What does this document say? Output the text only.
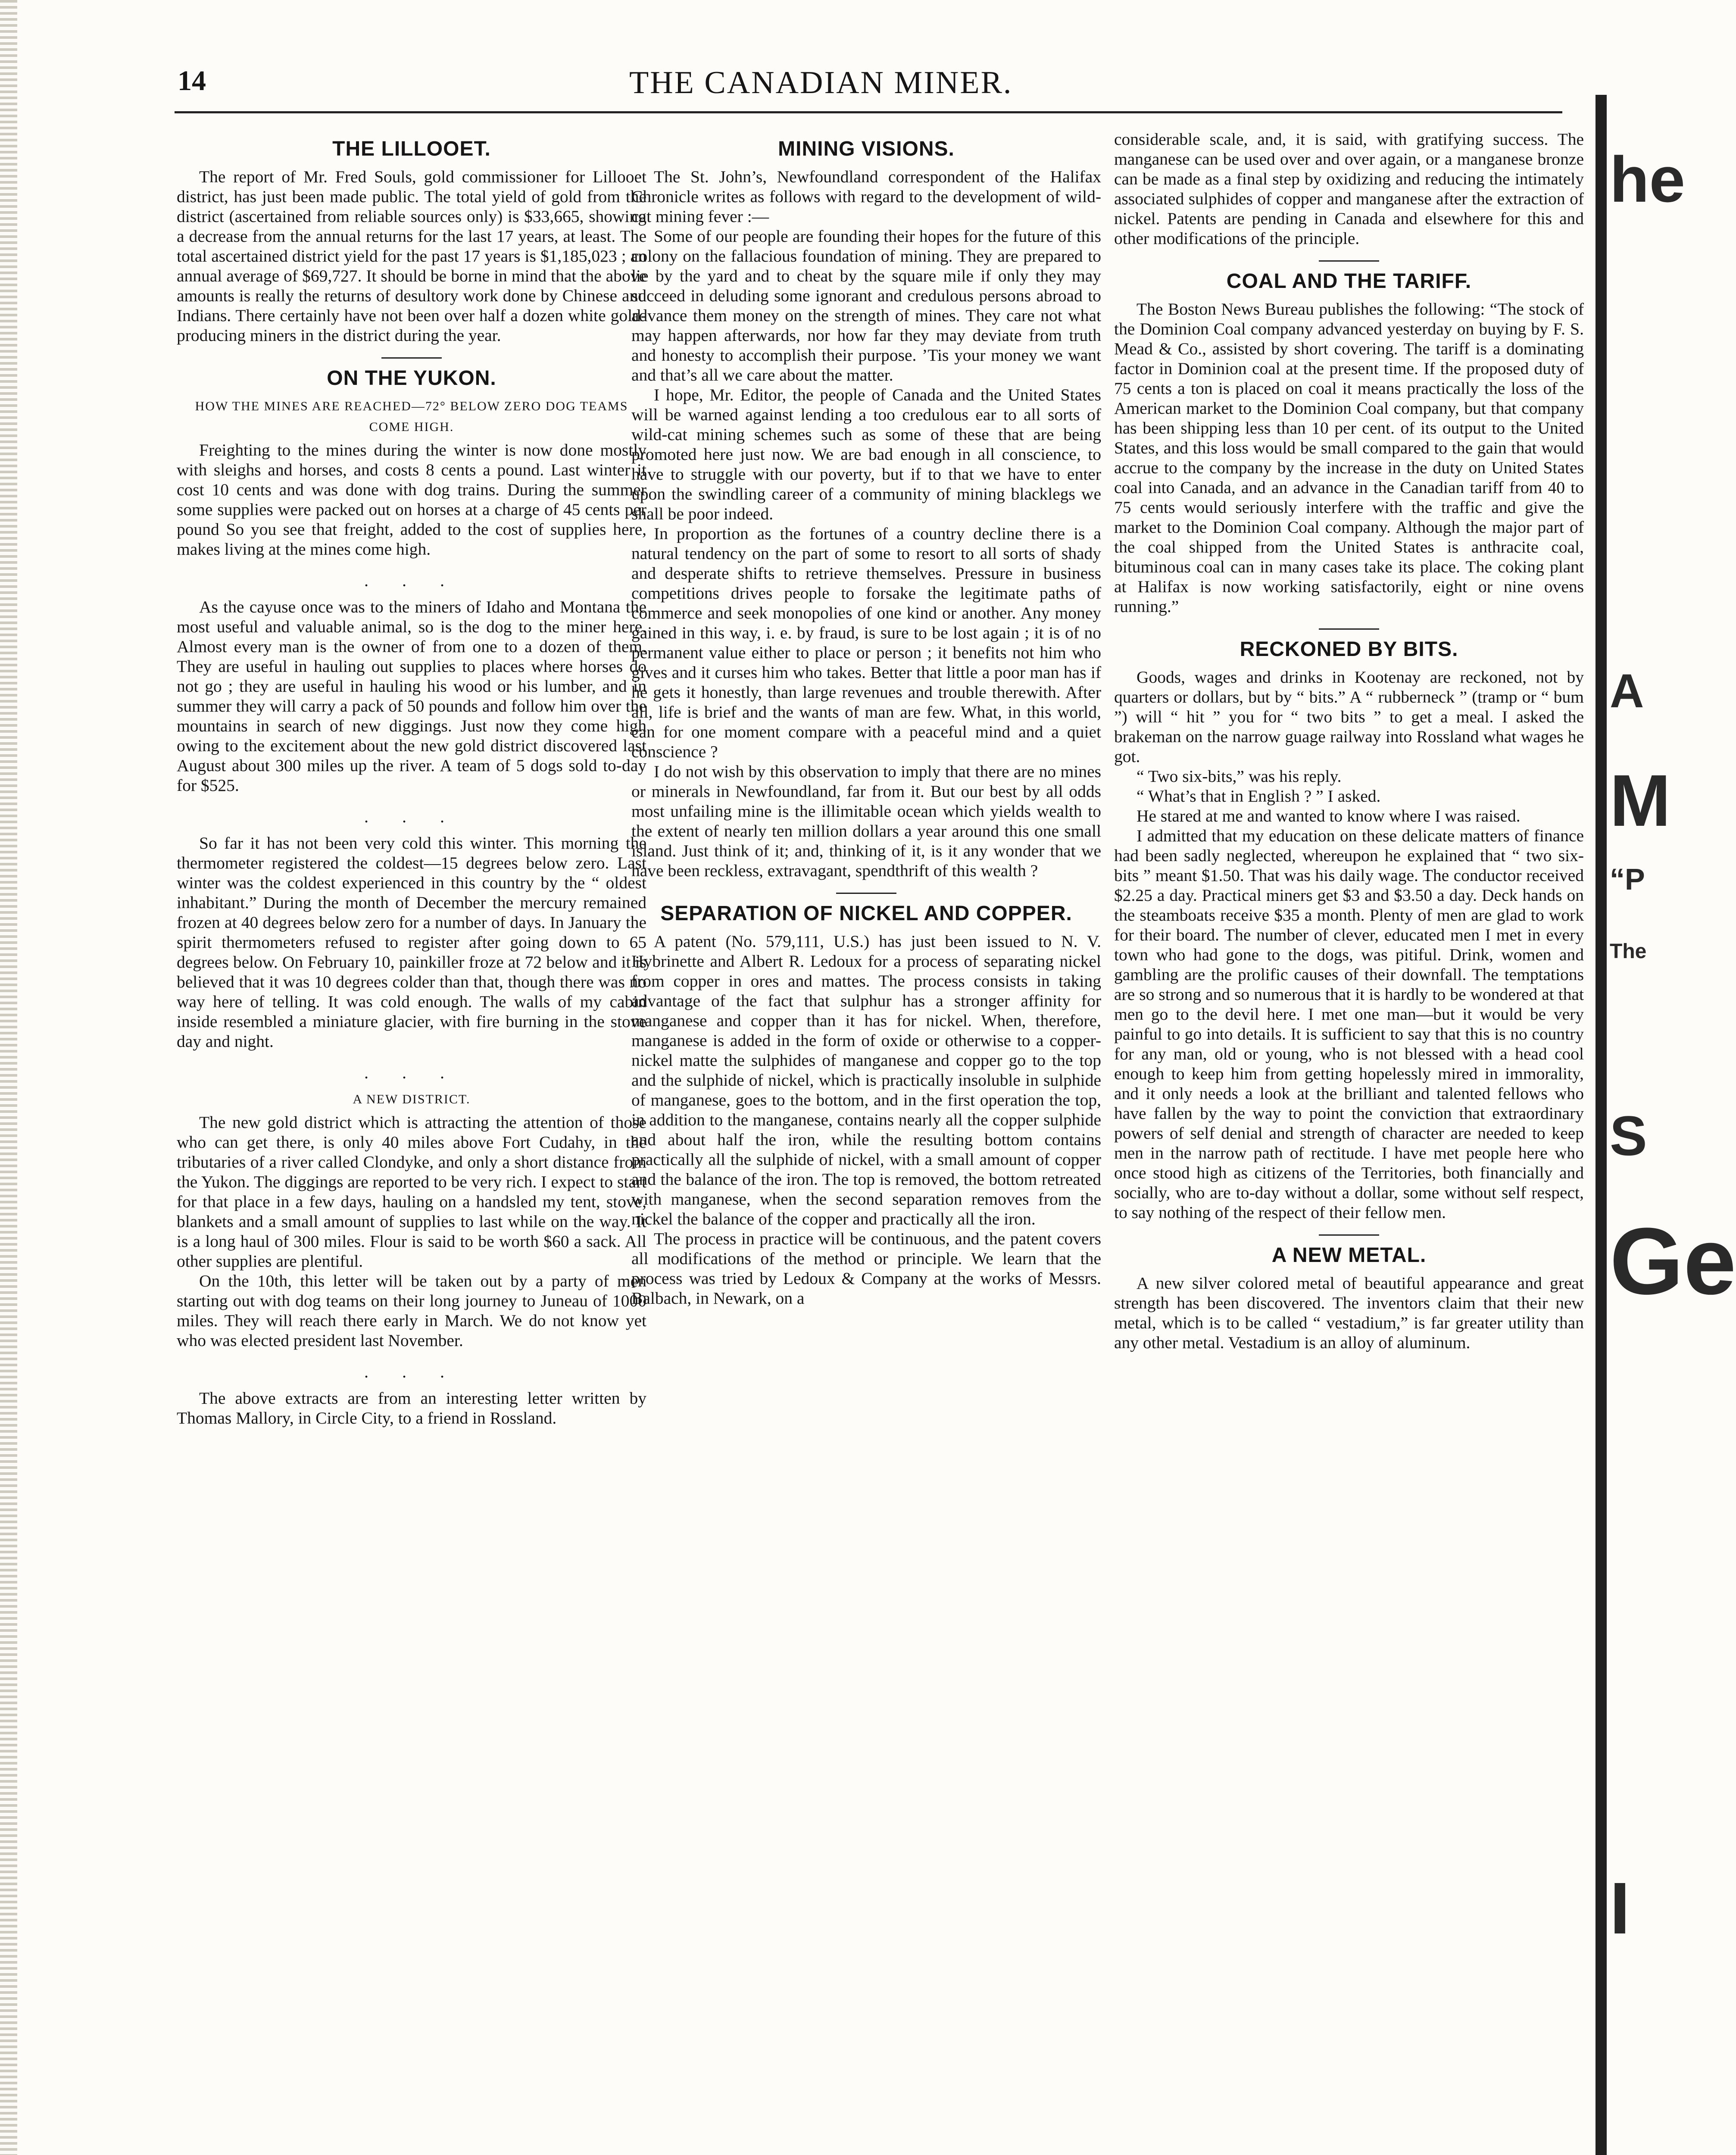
14	THE CANADIAN MINER.
THE LILLOOET.

The report of Mr. Fred Souls, gold commissioner for Lillooet district, has just been made public. The total yield of gold from the district (ascertained from reliable sources only) is $33,665, showing a decrease from the annual returns for the last 17 years, at least. The total ascertained district yield for the past 17 years is $1,185,023 ; an annual average of $69,727. It should be borne in mind that the above amounts is really the returns of desultory work done by Chinese and Indians. There certainly have not been over half a dozen white gold-producing miners in the district during the year.

ON THE YUKON.
HOW THE MINES ARE REACHED—72° BELOW ZERO DOG TEAMS COME HIGH.

Freighting to the mines during the winter is now done mostly with sleighs and horses, and costs 8 cents a pound. Last winter it cost 10 cents and was done with dog trains. During the summer some supplies were packed out on horses at a charge of 45 cents per pound So you see that freight, added to the cost of supplies here, makes living at the mines come high.

. . .

As the cayuse once was to the miners of Idaho and Montana the most useful and valuable animal, so is the dog to the miner here. Almost every man is the owner of from one to a dozen of them. They are useful in hauling out supplies to places where horses do not go ; they are useful in hauling his wood or his lumber, and in summer they will carry a pack of 50 pounds and follow him over the mountains in search of new diggings. Just now they come high owing to the excitement about the new gold district discovered last August about 300 miles up the river. A team of 5 dogs sold to-day for $525.

. . .

So far it has not been very cold this winter. This morning the thermometer registered the coldest—15 degrees below zero. Last winter was the coldest experienced in this country by the “ oldest inhabitant.” During the month of December the mercury remained frozen at 40 degrees below zero for a number of days. In January the spirit thermometers refused to register after going down to 65 degrees below. On February 10, painkiller froze at 72 below and it is believed that it was 10 degrees colder than that, though there was no way here of telling. It was cold enough. The walls of my cabin inside resembled a miniature glacier, with fire burning in the stove day and night.

. . .
A NEW DISTRICT.

The new gold district which is attracting the attention of those who can get there, is only 40 miles above Fort Cudahy, in the tributaries of a river called Clondyke, and only a short distance from the Yukon. The diggings are reported to be very rich. I expect to start for that place in a few days, hauling on a handsled my tent, stove, blankets and a small amount of supplies to last while on the way. It is a long haul of 300 miles. Flour is said to be worth $60 a sack. All other supplies are plentiful.

On the 10th, this letter will be taken out by a party of men starting out with dog teams on their long journey to Juneau of 1000 miles. They will reach there early in March. We do not know yet who was elected president last November.

. . .

The above extracts are from an interesting letter written by Thomas Mallory, in Circle City, to a friend in Rossland.

MINING VISIONS.

The St. John’s, Newfoundland correspondent of the Halifax Chronicle writes as follows with regard to the development of wild-cat mining fever :—

Some of our people are founding their hopes for the future of this colony on the fallacious foundation of mining. They are prepared to lie by the yard and to cheat by the square mile if only they may succeed in deluding some ignorant and credulous persons abroad to advance them money on the strength of mines. They care not what may happen afterwards, nor how far they may deviate from truth and honesty to accomplish their purpose. ’Tis your money we want and that’s all we care about the matter.

I hope, Mr. Editor, the people of Canada and the United States will be warned against lending a too credulous ear to all sorts of wild-cat mining schemes such as some of these that are being promoted here just now. We are bad enough in all conscience, to have to struggle with our poverty, but if to that we have to enter upon the swindling career of a community of mining blacklegs we shall be poor indeed.

In proportion as the fortunes of a country decline there is a natural tendency on the part of some to resort to all sorts of shady and desperate shifts to retrieve themselves. Pressure in business competitions drives people to forsake the legitimate paths of commerce and seek monopolies of one kind or another. Any money gained in this way, i. e. by fraud, is sure to be lost again ; it is of no permanent value either to place or person ; it benefits not him who gives and it curses him who takes. Better that little a poor man has if he gets it honestly, than large revenues and trouble therewith. After all, life is brief and the wants of man are few. What, in this world, can for one moment compare with a peaceful mind and a quiet conscience ?

I do not wish by this observation to imply that there are no mines or minerals in Newfoundland, far from it. But our best by all odds most unfailing mine is the illimitable ocean which yields wealth to the extent of nearly ten million dollars a year around this one small island. Just think of it; and, thinking of it, is it any wonder that we have been reckless, extravagant, spendthrift of this wealth ?

SEPARATION OF NICKEL AND COPPER.

A patent (No. 579,111, U.S.) has just been issued to N. V. Hybrinette and Albert R. Ledoux for a process of separating nickel from copper in ores and mattes. The process consists in taking advantage of the fact that sulphur has a stronger affinity for manganese and copper than it has for nickel. When, therefore, manganese is added in the form of oxide or otherwise to a copper-nickel matte the sulphides of manganese and copper go to the top and the sulphide of nickel, which is practically insoluble in sulphide of manganese, goes to the bottom, and in the first operation the top, in addition to the manganese, contains nearly all the copper sulphide and about half the iron, while the resulting bottom contains practically all the sulphide of nickel, with a small amount of copper and the balance of the iron. The top is removed, the bottom retreated with manganese, when the second separation removes from the nickel the balance of the copper and practically all the iron.

The process in practice will be continuous, and the patent covers all modifications of the method or principle. We learn that the process was tried by Ledoux & Company at the works of Messrs. Balbach, in Newark, on a

considerable scale, and, it is said, with gratifying success. The manganese can be used over and over again, or a manganese bronze can be made as a final step by oxidizing and reducing the intimately associated sulphides of copper and manganese after the extraction of nickel. Patents are pending in Canada and elsewhere for this and other modifications of the principle.

COAL AND THE TARIFF.

The Boston News Bureau publishes the following: “The stock of the Dominion Coal company advanced yesterday on buying by F. S. Mead & Co., assisted by short covering. The tariff is a dominating factor in Dominion coal at the present time. If the proposed duty of 75 cents a ton is placed on coal it means practically the loss of the American market to the Dominion Coal company, but that company has been shipping less than 10 per cent. of its output to the United States, and this loss would be small compared to the gain that would accrue to the company by the increase in the duty on United States coal into Canada, and an advance in the Canadian tariff from 40 to 75 cents would seriously interfere with the traffic and give the market to the Dominion Coal company. Although the major part of the coal shipped from the United States is anthracite coal, bituminous coal can in many cases take its place. The coking plant at Halifax is now working satisfactorily, eight or nine ovens running.”

RECKONED BY BITS.

Goods, wages and drinks in Kootenay are reckoned, not by quarters or dollars, but by “ bits.” A “ rubberneck ” (tramp or “ bum ”) will “ hit ” you for “ two bits ” to get a meal. I asked the brakeman on the narrow guage railway into Rossland what wages he got.

“ Two six-bits,” was his reply.

“ What’s that in English ? ” I asked.

He stared at me and wanted to know where I was raised.

I admitted that my education on these delicate matters of finance had been sadly neglected, whereupon he explained that “ two six-bits ” meant $1.50. That was his daily wage. The conductor received $2.25 a day. Practical miners get $3 and $3.50 a day. Deck hands on the steamboats receive $35 a month. Plenty of men are glad to work for their board. The number of clever, educated men I met in every town who had gone to the dogs, was pitiful. Drink, women and gambling are the prolific causes of their downfall. The temptations are so strong and so numerous that it is hardly to be wondered at that men go to the devil here. I met one man—but it would be very painful to go into details. It is sufficient to say that this is no country for any man, old or young, who is not blessed with a head cool enough to keep him from getting hopelessly mired in immorality, and it only needs a look at the brilliant and talented fellows who have fallen by the way to point the conviction that extraordinary powers of self denial and strength of character are needed to keep men in the narrow path of rectitude. I have met people here who once stood high as citizens of the Territories, both financially and socially, who are to-day without a dollar, some without self respect, to say nothing of the respect of their fellow men.

A NEW METAL.

A new silver colored metal of beautiful appearance and great strength has been discovered. The inventors claim that their new metal, which is to be called “ vestadium,” is far greater utility than any other metal. Vestadium is an alloy of aluminum.

he
A
M
“P
The
S
Ge
I
